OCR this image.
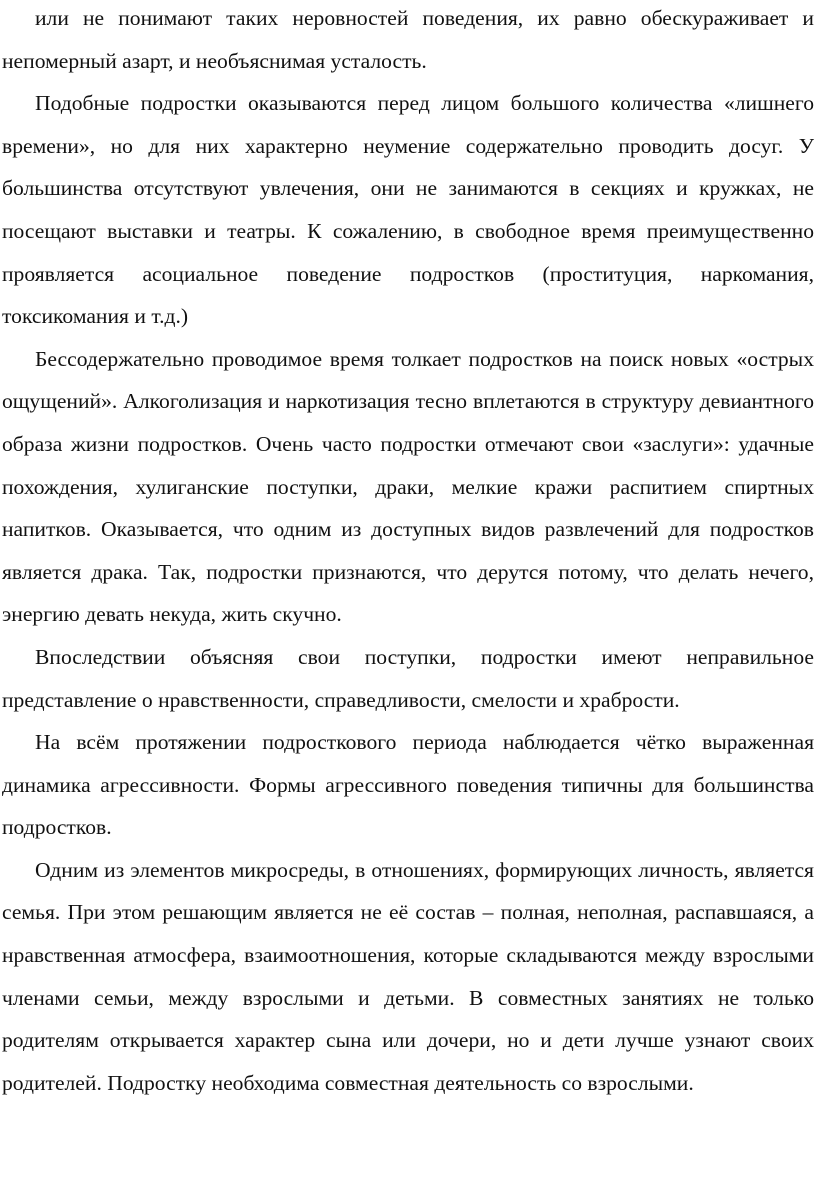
или не понимают таких неровностей поведения, их равно обескураживает и непомерный азарт, и необъяснимая усталость.

Подобные подростки оказываются перед лицом большого количества «лишнего времени», но для них характерно неумение содержательно проводить досуг. У большинства отсутствуют увлечения, они не занимаются в секциях и кружках, не посещают выставки и театры. К сожалению, в свободное время преимущественно проявляется асоциальное поведение подростков (проституция, наркомания, токсикомания и т.д.)

Бессодержательно проводимое время толкает подростков на поиск новых «острых ощущений». Алкоголизация и наркотизация тесно вплетаются в структуру девиантного образа жизни подростков. Очень часто подростки отмечают свои «заслуги»: удачные похождения, хулиганские поступки, драки, мелкие кражи распитием спиртных напитков. Оказывается, что одним из доступных видов развлечений для подростков является драка. Так, подростки признаются, что дерутся потому, что делать нечего, энергию девать некуда, жить скучно.

Впоследствии объясняя свои поступки, подростки имеют неправильное представление о нравственности, справедливости, смелости и храбрости.

На всём протяжении подросткового периода наблюдается чётко выраженная динамика агрессивности. Формы агрессивного поведения типичны для большинства подростков.

Одним из элементов микросреды, в отношениях, формирующих личность, является семья. При этом решающим является не её состав – полная, неполная, распавшаяся, а нравственная атмосфера, взаимоотношения, которые складываются между взрослыми членами семьи, между взрослыми и детьми. В совместных занятиях не только родителям открывается характер сына или дочери, но и дети лучше узнают своих родителей. Подростку необходима совместная деятельность со взрослыми.
